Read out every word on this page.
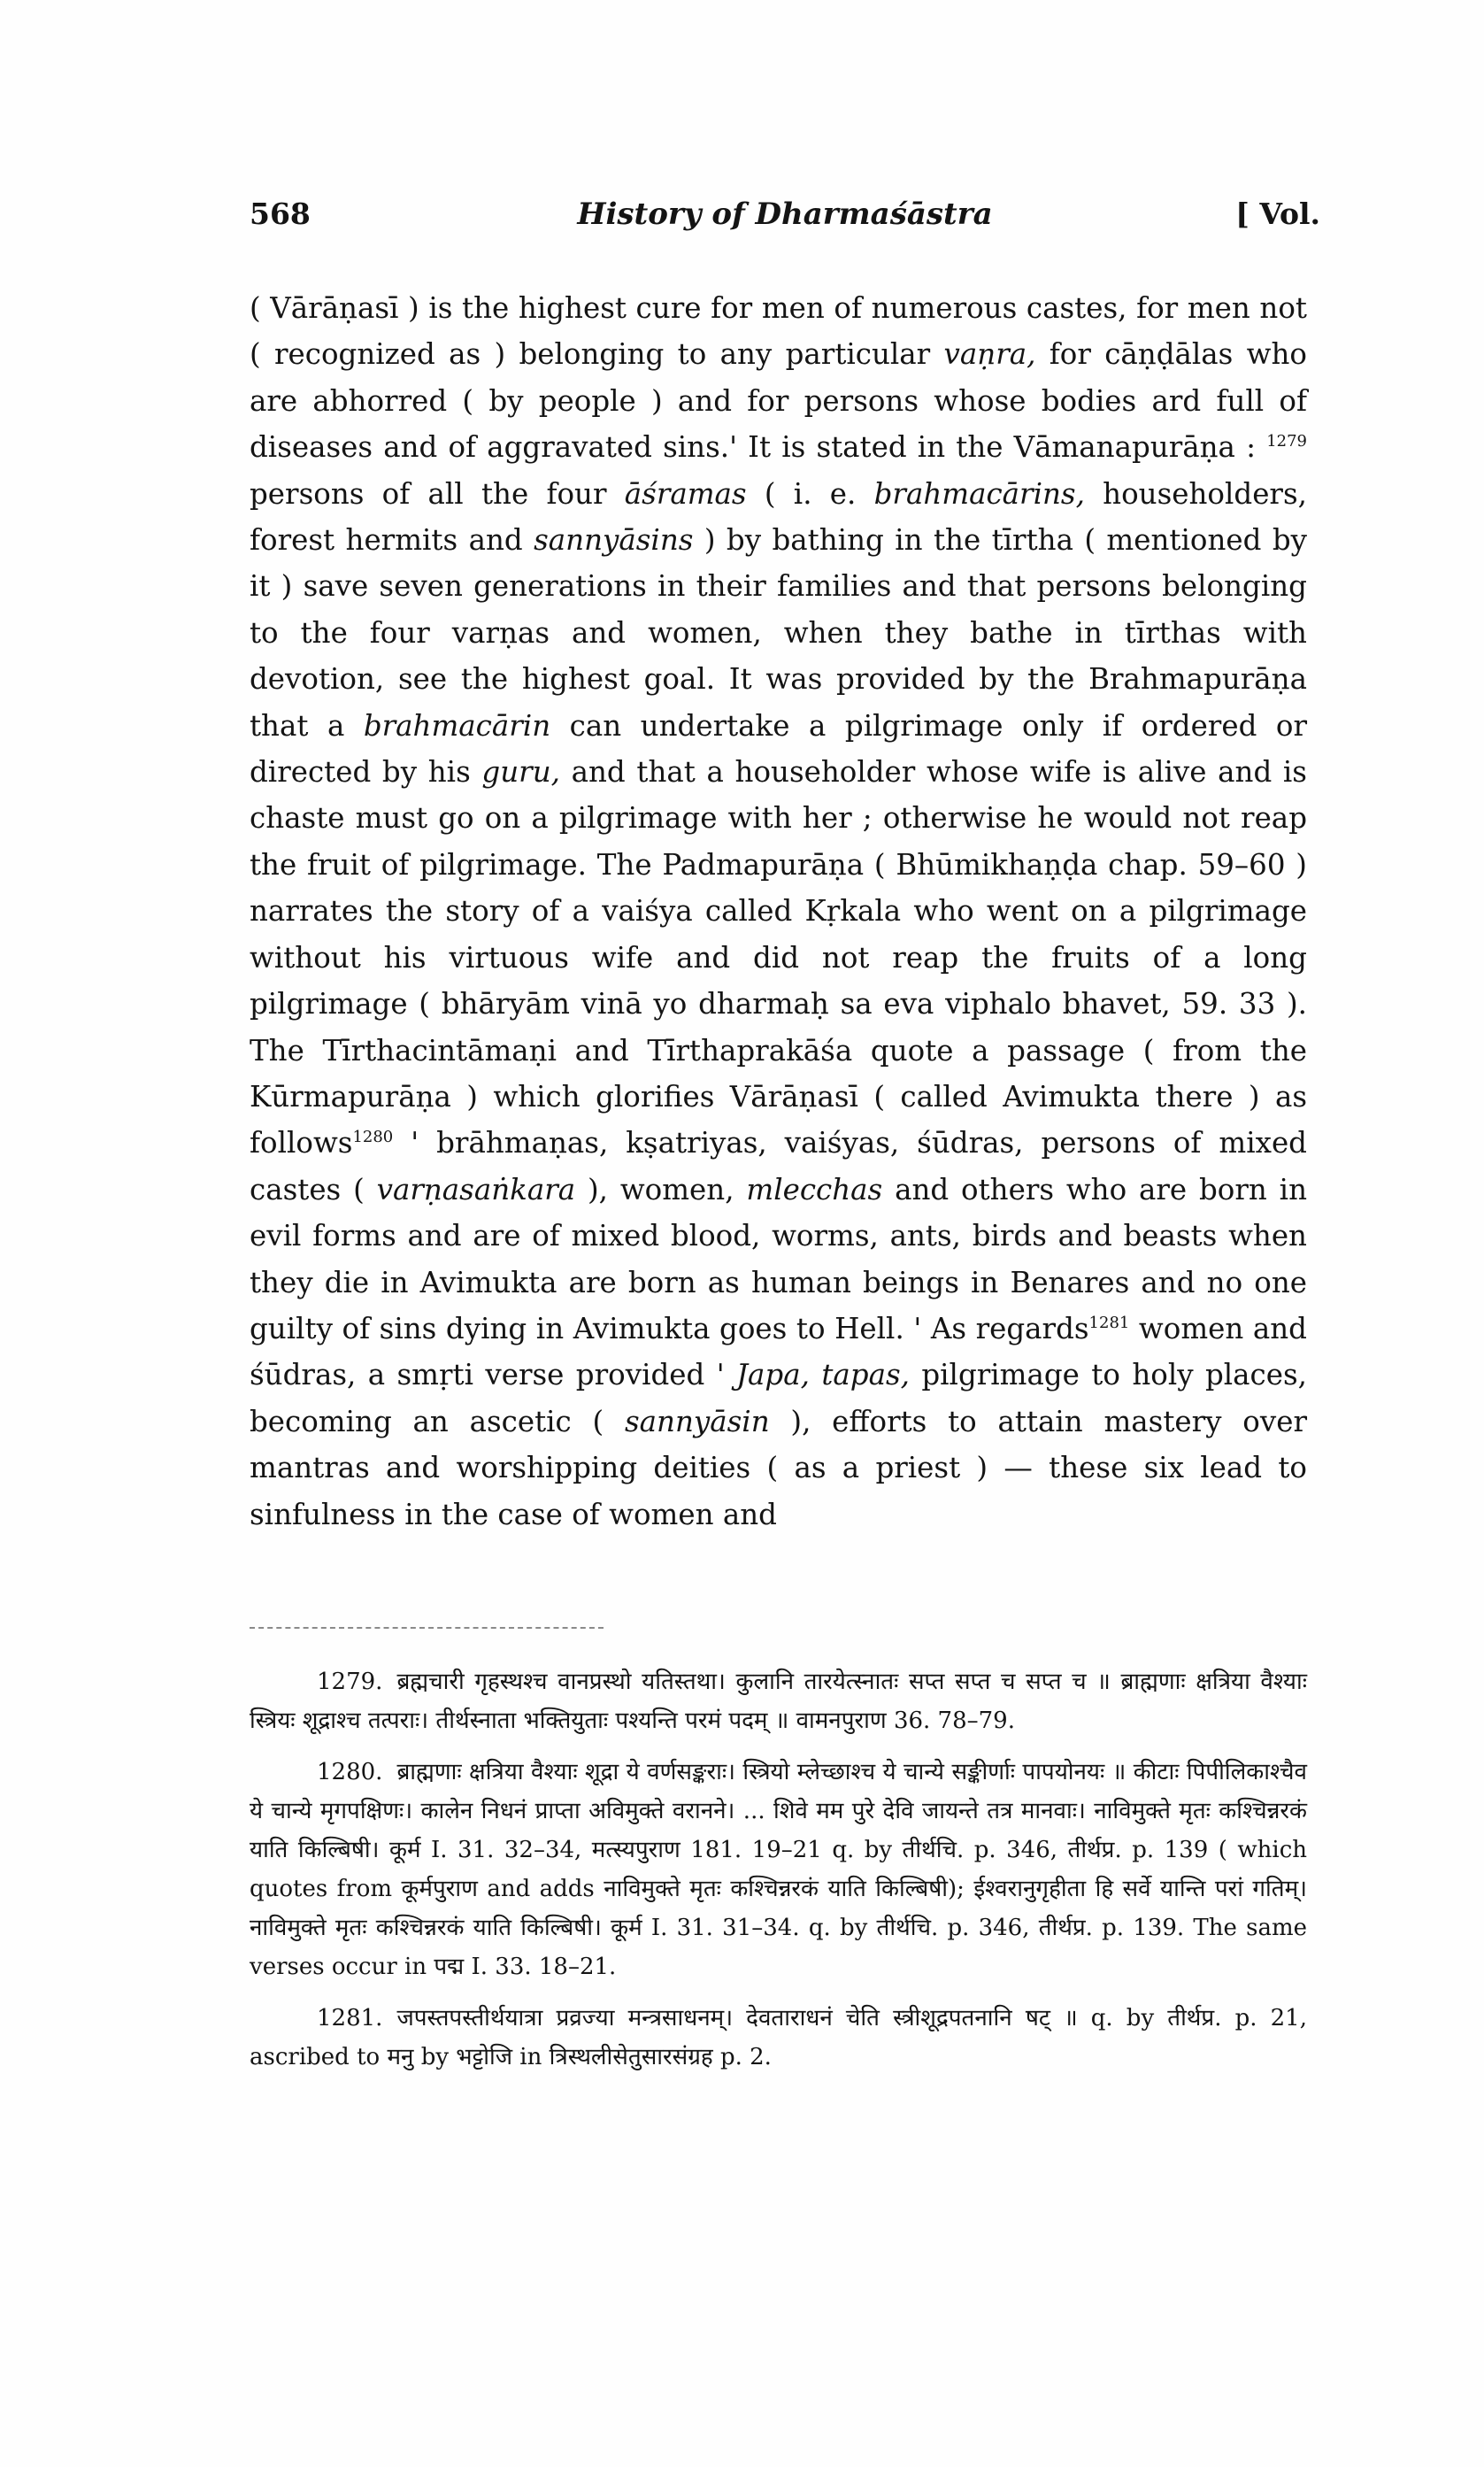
568	History of Dharmaśāstra	[ Vol.

( Vārāṇasī ) is the highest cure for men of numerous castes, for men not ( recognized as ) belonging to any particular vaṇra, for cāṇḍālas who are abhorred ( by people ) and for persons whose bodies ard full of diseases and of aggravated sins.' It is stated in the Vāmanapurāṇa : $^{1279}$ persons of all the four āśramas ( i. e. brahmacārins, householders, forest hermits and sannyāsins ) by bathing in the tīrtha ( mentioned by it ) save seven generations in their families and that persons belonging to the four varṇas and women, when they bathe in tīrthas with devotion, see the highest goal. It was provided by the Brahmapurāṇa that a brahmacārin can undertake a pilgrimage only if ordered or directed by his guru, and that a householder whose wife is alive and is chaste must go on a pilgrimage with her ; otherwise he would not reap the fruit of pilgrimage. The Padmapurāṇa ( Bhūmikhaṇḍa chap. 59–60 ) narrates the story of a vaiśya called Kṛkala who went on a pilgrimage without his virtuous wife and did not reap the fruits of a long pilgrimage ( bhāryām vinā yo dharmaḥ sa eva viphalo bhavet, 59. 33 ). The Tīrthacintāmaṇi and Tīrthaprakāśa quote a passage ( from the Kūrmapurāṇa ) which glorifies Vārāṇasī ( called Avimukta there ) as follows$^{1280}$ ' brāhmaṇas, kṣatriyas, vaiśyas, śūdras, persons of mixed castes ( varṇasaṅkara ), women, mlecchas and others who are born in evil forms and are of mixed blood, worms, ants, birds and beasts when they die in Avimukta are born as human beings in Benares and no one guilty of sins dying in Avimukta goes to Hell. ' As regards$^{1281}$ women and śūdras, a smṛti verse provided ' Japa, tapas, pilgrimage to holy places, becoming an ascetic ( sannyāsin ), efforts to attain mastery over mantras and worshipping deities ( as a priest ) — these six lead to sinfulness in the case of women and

1279. ब्रह्मचारी गृहस्थश्च वानप्रस्थो यतिस्तथा। कुलानि तारयेत्स्नातः सप्त सप्त च सप्त च ॥ ब्राह्मणाः क्षत्रिया वैश्याः स्त्रियः शूद्राश्च तत्पराः। तीर्थस्नाता भक्तियुताः पश्यन्ति परमं पदम् ॥ वामनपुराण 36. 78–79.

1280. ब्राह्मणाः क्षत्रिया वैश्याः शूद्रा ये वर्णसङ्कराः। स्त्रियो म्लेच्छाश्च ये चान्ये सङ्कीर्णाः पापयोनयः ॥ कीटाः पिपीलिकाश्चैव ये चान्ये मृगपक्षिणः। कालेन निधनं प्राप्ता अविमुक्ते वरानने। ... शिवे मम पुरे देवि जायन्ते तत्र मानवाः। नाविमुक्ते मृतः कश्चिन्नरकं याति किल्बिषी। कूर्म I. 31. 32–34, मत्स्यपुराण 181. 19–21 q. by तीर्थचि. p. 346, तीर्थप्र. p. 139 ( which quotes from कूर्मपुराण and adds नाविमुक्ते मृतः कश्चिन्नरकं याति किल्बिषी); ईश्वरानुगृहीता हि सर्वे यान्ति परां गतिम्। नाविमुक्ते मृतः कश्चिन्नरकं याति किल्बिषी। कूर्म I. 31. 31–34. q. by तीर्थचि. p. 346, तीर्थप्र. p. 139. The same verses occur in पद्म I. 33. 18–21.

1281. जपस्तपस्तीर्थयात्रा प्रव्रज्या मन्त्रसाधनम्। देवताराधनं चेति स्त्रीशूद्रपतनानि षट् ॥ q. by तीर्थप्र. p. 21, ascribed to मनु by भट्टोजि in त्रिस्थलीसेतुसारसंग्रह p. 2.
